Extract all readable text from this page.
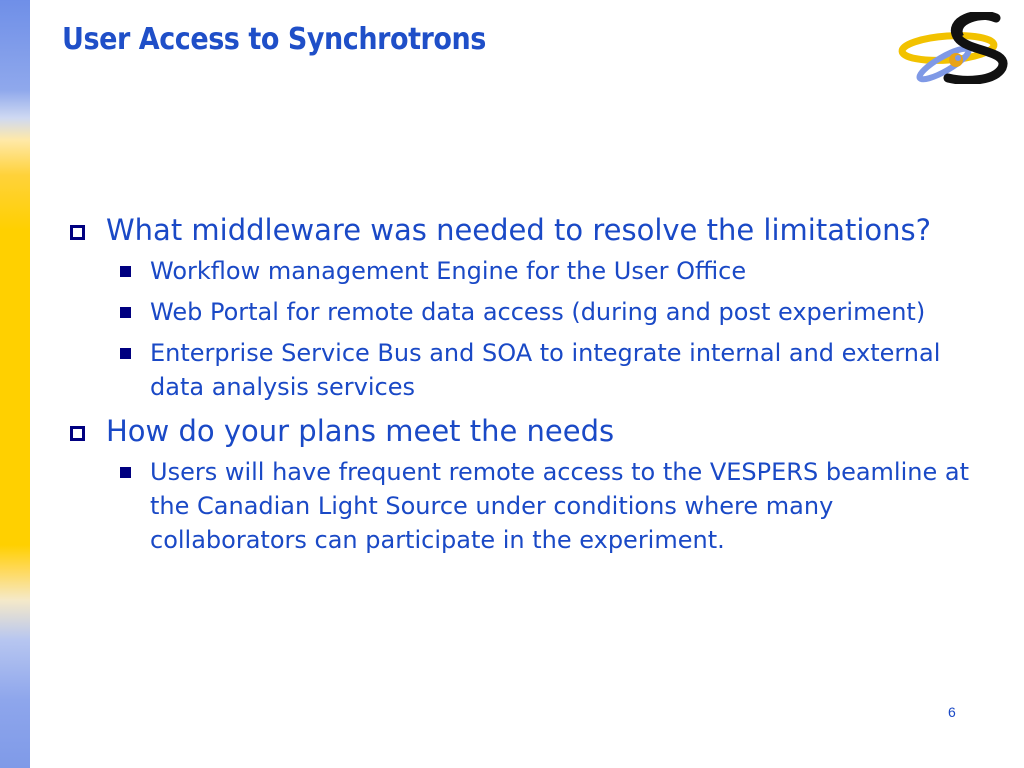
User Access to Synchrotrons
What middleware was needed to resolve the limitations?
Workflow management Engine for the User Office
Web Portal for remote data access (during and post experiment)
Enterprise Service Bus and SOA to integrate internal and external data analysis services
How do your plans meet the needs
Users will have frequent remote access to the VESPERS beamline at the Canadian Light Source under conditions where many collaborators can participate in the experiment.
6
